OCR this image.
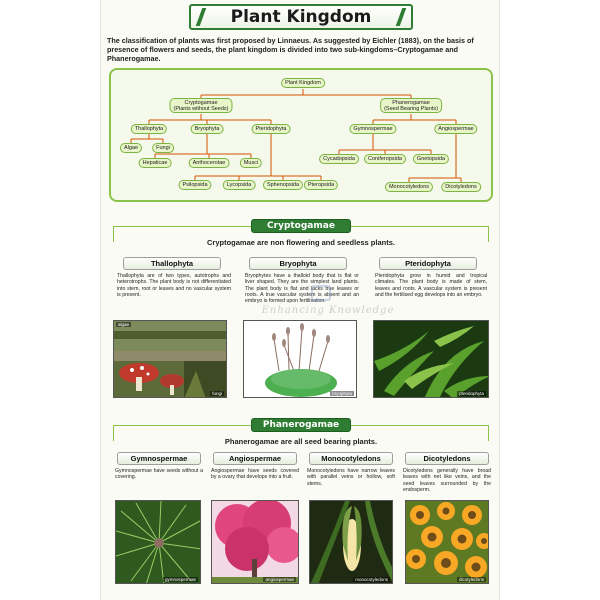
Plant Kingdom

The classification of plants was first proposed by Linnaeus. As suggested by Eichler (1883), on the basis of presence of flowers and seeds, the plant kingdom is divided into two sub-kingdoms–Cryptogamae and Phanerogamae.

Plant Kingdom
Cryptogamae
(Plants without Seeds)
Phanerogamae
(Seed Bearing Plants)
Thallophyta	Bryophyta	Pteridophyta	Gymnospermae	Angiospermae
Algae	Fungi
Hepaticae	Anthocerotae	Musci
Psilopsida	Lycopsida	Sphenopsida	Pteropsida
Cycadopsida	Coniferopsida	Gnetopsida
Monocotyledons	Dicotyledons
Cryptogamae
Cryptogamae are non flowering and seedless plants.
Thallophyta	Bryophyta	Pteridophyta

Thallophyta are of two types, autotrophs and heterotrophs. The plant body is not differentiated into stem, root or leaves and no vascular system is present.

Bryophytes have a thalloid body that is flat or liver shaped. They are the simplest land plants. The plant body is flat and lacks true leaves or roots. A true vascular system is absent and an embryo is formed upon fertilisation.

Pteridophyta grow in humid and tropical climates. The plant body is made of stem, leaves and roots. A vascular system is present and the fertilised egg develops into an embryo.

Enhancing Knowledge
algae
fungi	bryophyta	pteridophyta
Phanerogamae
Phanerogamae are all seed bearing plants.
Gymnospermae	Angiospermae	Monocotyledons	Dicotyledons

Gymnospermae have seeds without a covering.

Angiospermae have seeds covered by a ovary that develops into a fruit.

Monocotyledons have narrow leaves with parallel veins or hollow, soft stems.

Dicotyledons generally have broad leaves with net like veins, and the seed leaves surrounded by the endosperm.

gymnospermae	angiospermae	monocotyledons	dicotyledons
